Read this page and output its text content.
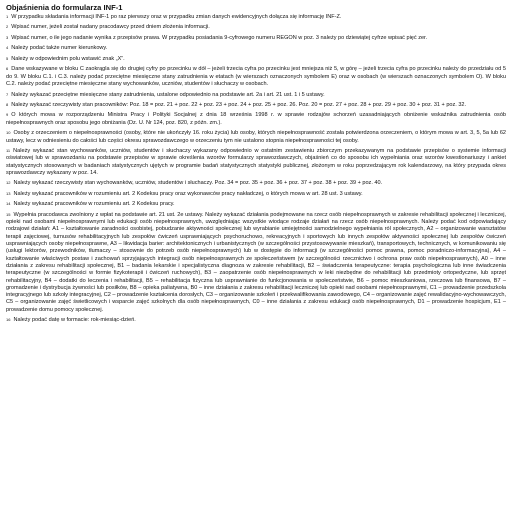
Objaśnienia do formularza INF-1

$^1$ W przypadku składania informacji INF-1 po raz pierwszy oraz w przypadku zmian danych ewidencyjnych dołącza się informację INF-Z.

$^2$ Wpisać numer, jeżeli został nadany pracodawcy przed dniem złożenia informacji.

$^3$ Wpisać numer, o ile jego nadanie wynika z przepisów prawa. W przypadku posiadania 9-cyfrowego numeru REGON w poz. 3 należy po dziewiątej cyfrze wpisać pięć zer.

$^4$ Należy podać także numer kierunkowy.

$^5$ Należy w odpowiednim polu wstawić znak „X”.

$^6$ Dane wskazywane w bloku C zaokrągla się do drugiej cyfry po przecinku w dół – jeżeli trzecia cyfra po przecinku jest mniejsza niż 5, w górę – jeżeli trzecia cyfra po przecinku należy do przedziału od 5 do 9. W bloku C.1. i C.3. należy podać przeciętne miesięczne stany zatrudnienia w etatach (w wierszach oznaczonych symbolem E) oraz w osobach (w wierszach oznaczonych symbolem O). W bloku C.2. należy podać przeciętne miesięczne stany wychowanków, uczniów, studentów i słuchaczy w osobach.

$^7$ Należy wykazać przeciętne miesięczne stany zatrudnienia, ustalone odpowiednio na podstawie art. 2a i art. 21 ust. 1 i 5 ustawy.

$^8$ Należy wykazać rzeczywisty stan pracowników: Poz. 18 = poz. 21 + poz. 22 + poz. 23 + poz. 24 + poz. 25 + poz. 26. Poz. 20 = poz. 27 + poz. 28 + poz. 29 + poz. 30 + poz. 31 + poz. 32.

$^9$ O których mowa w rozporządzeniu Ministra Pracy i Polityki Socjalnej z dnia 18 września 1998 r. w sprawie rodzajów schorzeń uzasadniających obniżenie wskaźnika zatrudnienia osób niepełnosprawnych oraz sposobu jego obniżania (Dz. U. Nr 124, poz. 820, z późn. zm.).

$^{10}$ Osoby z orzeczeniem o niepełnosprawności (osoby, które nie ukończyły 16. roku życia) lub osoby, których niepełnosprawność została potwierdzona orzeczeniem, o którym mowa w art. 3, 5, 5a lub 62 ustawy, lecz w odniesieniu do całości lub części okresu sprawozdawczego w orzeczeniu tym nie ustalono stopnia niepełnosprawności tej osoby.

$^{11}$ Należy wykazać stan wychowanków, uczniów, studentów i słuchaczy wykazany odpowiednio w ostatnim zestawieniu zbiorczym przekazywanym na podstawie przepisów o systemie informacji oświatowej lub w sprawozdaniu na podstawie przepisów w sprawie określenia wzorów formularzy sprawozdawczych, objaśnień co do sposobu ich wypełniania oraz wzorów kwestionariuszy i ankiet statystycznych stosowanych w badaniach statystycznych ujętych w programie badań statystycznych statystyki publicznej, złożonym w roku poprzedzającym rok kalendarzowy, na który przypada okres sprawozdawczy wykazany w poz. 14.

$^{12}$ Należy wykazać rzeczywisty stan wychowanków, uczniów, studentów i słuchaczy. Poz. 34 = poz. 35 + poz. 36 + poz. 37 + poz. 38 + poz. 39 + poz. 40.

$^{13}$ Należy wykazać pracowników w rozumieniu art. 2 Kodeksu pracy oraz wykonawców pracy nakładczej, o których mowa w art. 28 ust. 3 ustawy.

$^{14}$ Należy wykazać pracowników w rozumieniu art. 2 Kodeksu pracy.

$^{15}$ Wypełnia pracodawca zwolniony z wpłat na podstawie art. 21 ust. 2e ustawy. Należy wykazać działania podejmowane na rzecz osób niepełnosprawnych w zakresie rehabilitacji społecznej i leczniczej, opieki nad osobami niepełnosprawnymi lub edukacji osób niepełnosprawnych, uwzględniając wszystkie wiodące rodzaje działań na rzecz osób niepełnosprawnych. Należy podać kod odpowiadający rodzajowi działań: A1 – kształtowanie zaradności osobistej, pobudzanie aktywności społecznej lub wyrabianie umiejętności samodzielnego wypełniania ról społecznych, A2 – organizowanie warsztatów terapii zajęciowej, turnusów rehabilitacyjnych lub zespołów ćwiczeń usprawniających psychoruchowo, rekreacyjnych i sportowych lub innych zespołów aktywności społecznej lub zespołów ćwiczeń usprawniających osoby niepełnosprawne, A3 – likwidacja barier: architektonicznych i urbanistycznych (w szczególności przystosowywanie mieszkań), transportowych, technicznych, w komunikowaniu się (usługi lektorów, przewodników, tłumaczy – stosownie do potrzeb osób niepełnosprawnych) lub w dostępie do informacji (w szczególności pomoc prawna, pomoc poradniczo-informacyjna), A4 – kształtowanie właściwych postaw i zachowań sprzyjających integracji osób niepełnosprawnych ze społeczeństwem (w szczególności rzecznictwo i ochrona praw osób niepełnosprawnych), A0 – inne działania z zakresu rehabilitacji społecznej, B1 – badania lekarskie i specjalistyczna diagnoza w zakresie rehabilitacji, B2 – świadczenia terapeutyczne: terapia psychologiczna lub inne świadczenia terapeutyczne (w szczególności w formie fizykoterapii i ćwiczeń ruchowych), B3 – zaopatrzenie osób niepełnosprawnych w leki niezbędne do rehabilitacji lub przedmioty ortopedyczne, lub sprzęt rehabilitacyjny, B4 – dodatki do leczenia i rehabilitacji, B5 – rehabilitacja fizyczna lub usprawnianie do funkcjonowania w społeczeństwie, B6 – pomoc mieszkaniowa, rzeczowa lub finansowa, B7 – gromadzenie i dystrybucja żywności lub posiłków, B8 – opieka paliatywna, B0 – inne działania z zakresu rehabilitacji leczniczej lub opieki nad osobami niepełnosprawnymi, C1 – prowadzenie przedszkola integracyjnego lub szkoły integracyjnej, C2 – prowadzenie kształcenia dorosłych, C3 – organizowanie szkoleń i przekwalifikowania zawodowego, C4 – organizowanie zajęć rewalidacyjno-wychowawczych, C5 – organizowanie zajęć świetlicowych i wsparcie zajęć szkolnych dla osób niepełnosprawnych, C0 – inne działania z zakresu edukacji osób niepełnosprawnych, D1 – prowadzenie hospicjum, E1 – prowadzenie domu pomocy społecznej.

$^{16}$ Należy podać datę w formacie: rok-miesiąc-dzień.
